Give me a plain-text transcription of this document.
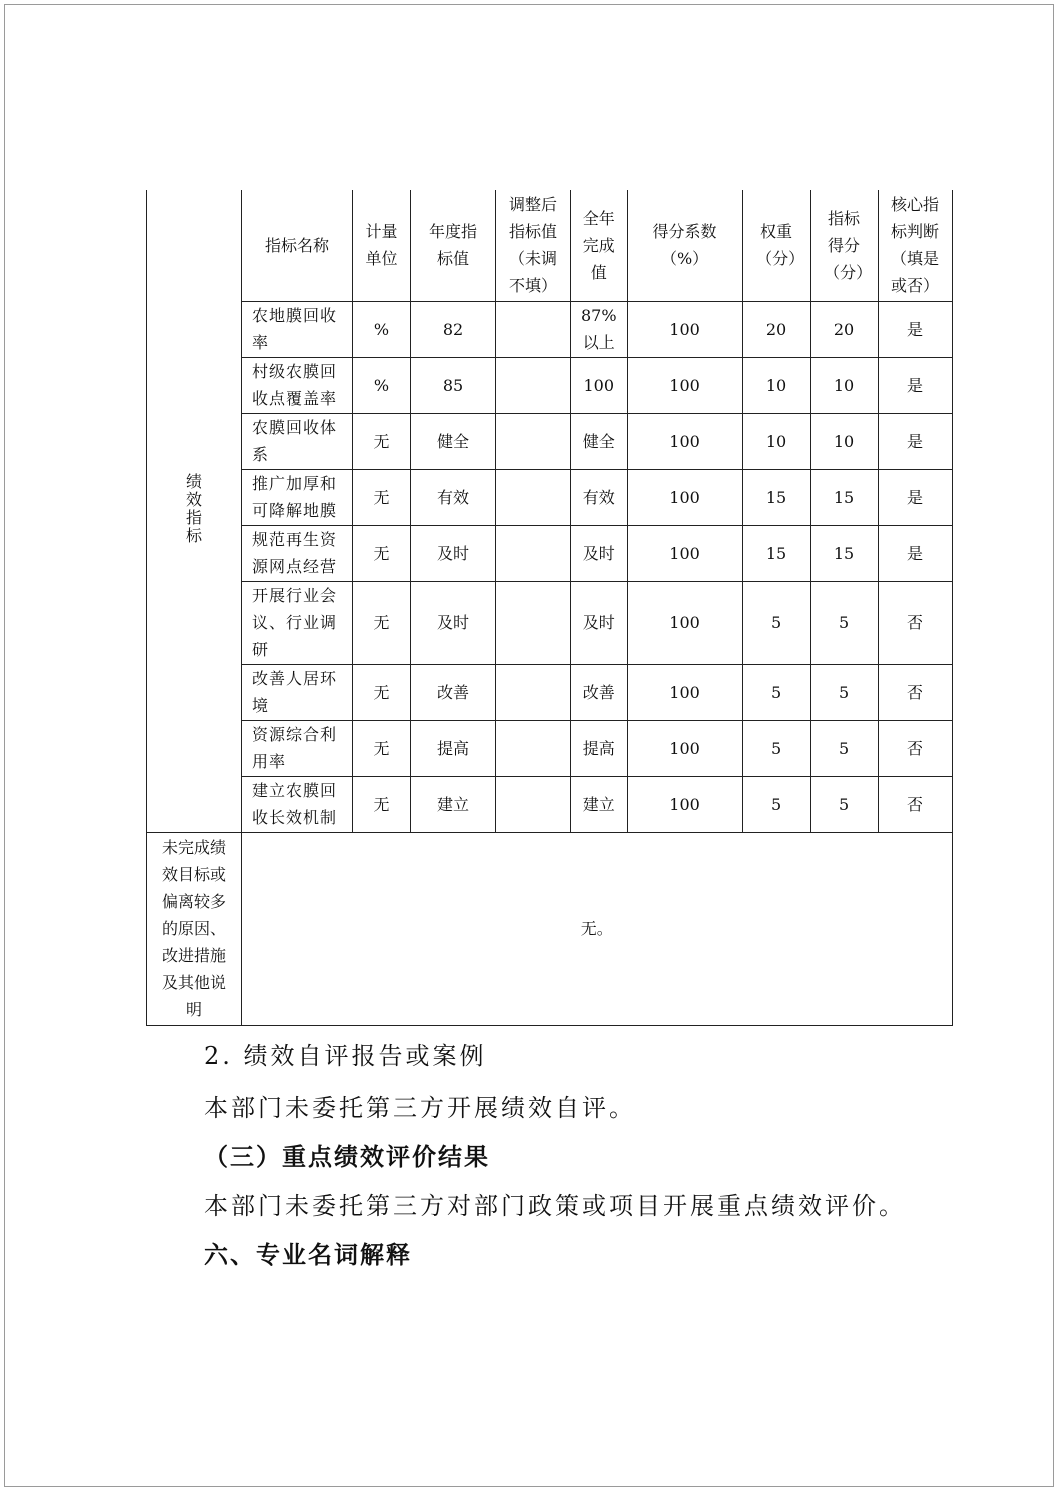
绩效指标	指标名称	计量单位	年度指标值	调整后指标值（未调不填）	全年完成值	得分系数（%）	权重（分）	指标得分（分）	核心指标判断（填是或否）

	农地膜回收率	%	82		87%以上	100	20	20	是
	村级农膜回收点覆盖率	%	85		100	100	10	10	是
	农膜回收体系	无	健全		健全	100	10	10	是
	推广加厚和可降解地膜	无	有效		有效	100	15	15	是
	规范再生资源网点经营	无	及时		及时	100	15	15	是
	开展行业会议、行业调研	无	及时		及时	100	5	5	否
	改善人居环境	无	改善		改善	100	5	5	否
	资源综合利用率	无	提高		提高	100	5	5	否
	建立农膜回收长效机制	无	建立		建立	100	5	5	否

未完成绩效目标或偏离较多的原因、改进措施及其他说明	无。								

2. 绩效自评报告或案例

本部门未委托第三方开展绩效自评。

（三）重点绩效评价结果

本部门未委托第三方对部门政策或项目开展重点绩效评价。

六、专业名词解释
